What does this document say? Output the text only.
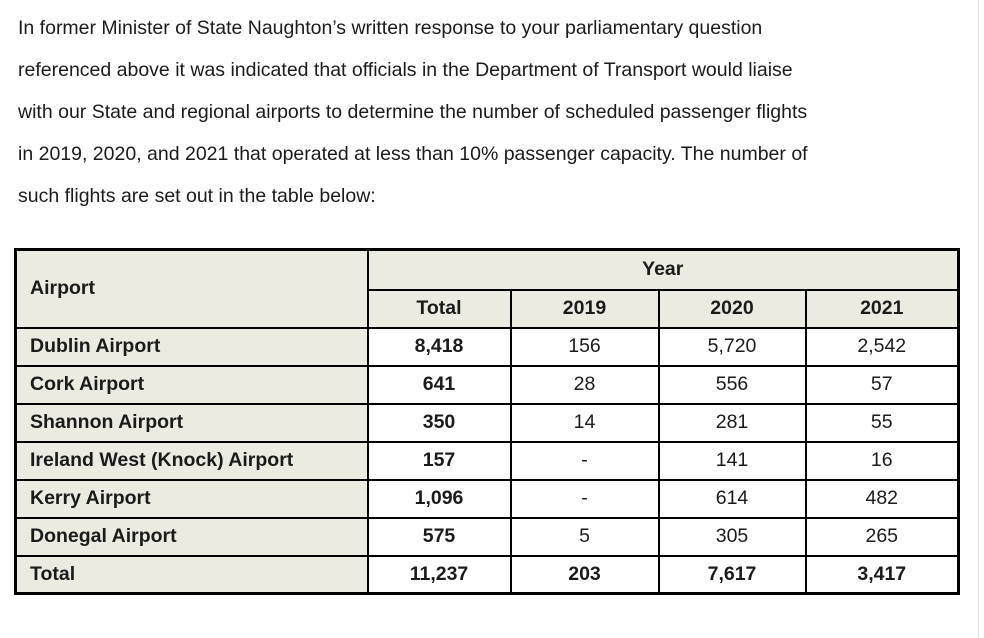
In former Minister of State Naughton’s written response to your parliamentary question
referenced above it was indicated that officials in the Department of Transport would liaise
with our State and regional airports to determine the number of scheduled passenger flights
in 2019, 2020, and 2021 that operated at less than 10% passenger capacity. The number of
such flights are set out in the table below:
Airport	Year			
	Total	2019	2020	2021
Dublin Airport	8,418	156	5,720	2,542
Cork Airport	641	28	556	57
Shannon Airport	350	14	281	55
Ireland West (Knock) Airport	157	-	141	16
Kerry Airport	1,096	-	614	482
Donegal Airport	575	5	305	265
Total	11,237	203	7,617	3,417
